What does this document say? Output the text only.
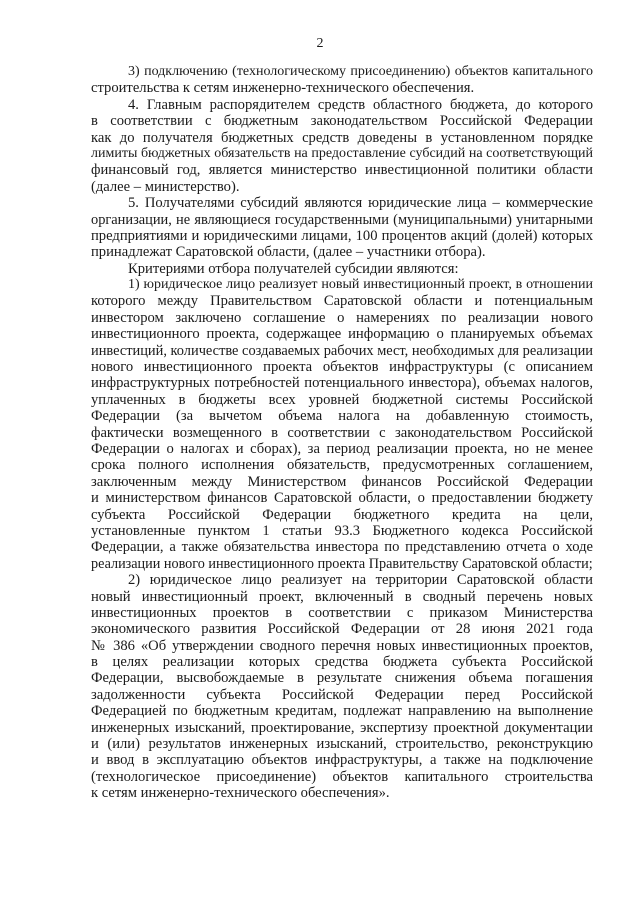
2
3) подключению (технологическому присоединению) объектов капитального
строительства к сетям инженерно-технического обеспечения.
4. Главным распорядителем средств областного бюджета, до которого
в соответствии с бюджетным законодательством Российской Федерации
как до получателя бюджетных средств доведены в установленном порядке
лимиты бюджетных обязательств на предоставление субсидий на соответствующий
финансовый год, является министерство инвестиционной политики области
(далее – министерство).
5. Получателями субсидий являются юридические лица – коммерческие
организации, не являющиеся государственными (муниципальными) унитарными
предприятиями и юридическими лицами, 100 процентов акций (долей) которых
принадлежат Саратовской области, (далее – участники отбора).
Критериями отбора получателей субсидии являются:
1) юридическое лицо реализует новый инвестиционный проект, в отношении
которого между Правительством Саратовской области и потенциальным
инвестором заключено соглашение о намерениях по реализации нового
инвестиционного проекта, содержащее информацию о планируемых объемах
инвестиций, количестве создаваемых рабочих мест, необходимых для реализации
нового инвестиционного проекта объектов инфраструктуры (с описанием
инфраструктурных потребностей потенциального инвестора), объемах налогов,
уплаченных в бюджеты всех уровней бюджетной системы Российской
Федерации (за вычетом объема налога на добавленную стоимость,
фактически возмещенного в соответствии с законодательством Российской
Федерации о налогах и сборах), за период реализации проекта, но не менее
срока полного исполнения обязательств, предусмотренных соглашением,
заключенным между Министерством финансов Российской Федерации
и министерством финансов Саратовской области, о предоставлении бюджету
субъекта Российской Федерации бюджетного кредита на цели,
установленные пунктом 1 статьи 93.3 Бюджетного кодекса Российской
Федерации, а также обязательства инвестора по представлению отчета о ходе
реализации нового инвестиционного проекта Правительству Саратовской области;
2) юридическое лицо реализует на территории Саратовской области
новый инвестиционный проект, включенный в сводный перечень новых
инвестиционных проектов в соответствии с приказом Министерства
экономического развития Российской Федерации от 28 июня 2021 года
№ 386 «Об утверждении сводного перечня новых инвестиционных проектов,
в целях реализации которых средства бюджета субъекта Российской
Федерации, высвобождаемые в результате снижения объема погашения
задолженности субъекта Российской Федерации перед Российской
Федерацией по бюджетным кредитам, подлежат направлению на выполнение
инженерных изысканий, проектирование, экспертизу проектной документации
и (или) результатов инженерных изысканий, строительство, реконструкцию
и ввод в эксплуатацию объектов инфраструктуры, а также на подключение
(технологическое присоединение) объектов капитального строительства
к сетям инженерно-технического обеспечения».
